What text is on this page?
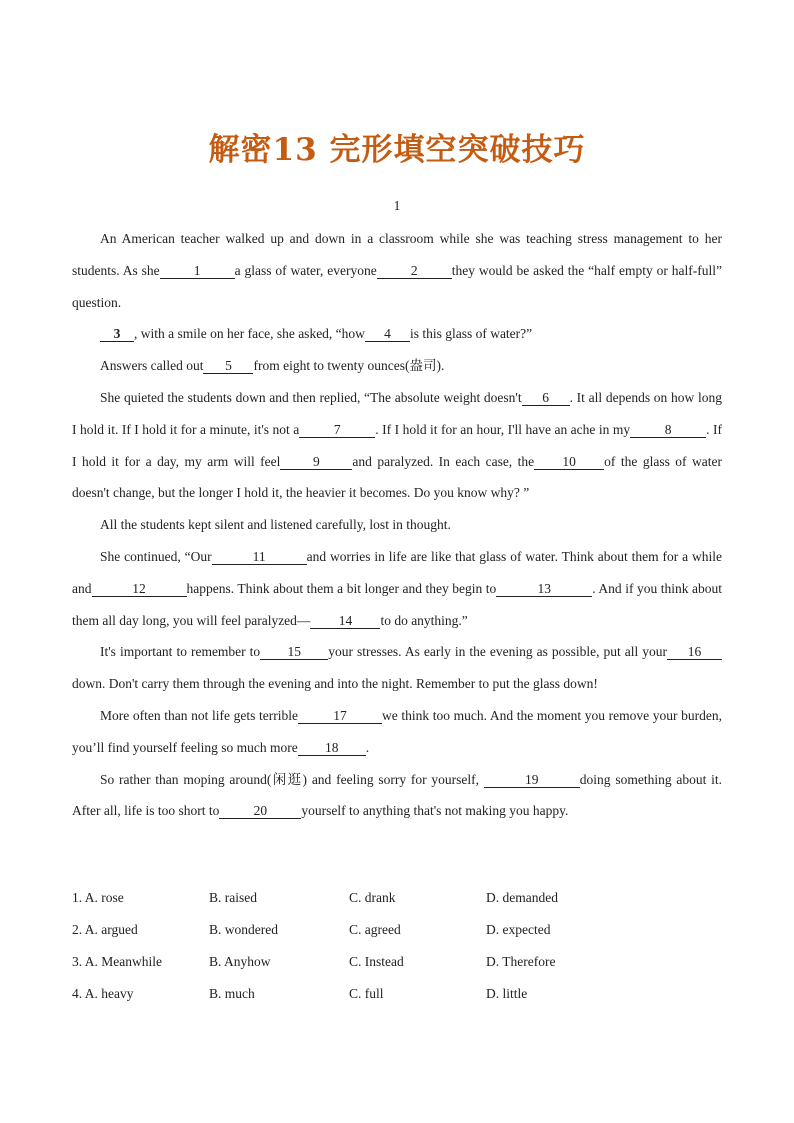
解密13 完形填空突破技巧
1

An American teacher walked up and down in a classroom while she was teaching stress management to her students. As she	1	a glass of water, everyone	2	they would be asked the “half empty or half-full” question.

3 , with a smile on her face, she asked, “how 4 is this glass of water?”

Answers called out 5 from eight to twenty ounces(盎司).

She quieted the students down and then replied, “The absolute weight doesn't 6 . It all depends on how long I hold it. If I hold it for a minute, it's not a	7	. If I hold it for an hour, I'll have an ache in my	8	. If I hold it for a day, my arm will feel 9 and paralyzed. In each case, the 10 of the glass of water doesn't change, but the longer I hold it, the heavier it becomes. Do you know why? ”

All the students kept silent and listened carefully, lost in thought.

She continued, “Our	11	and worries in life are like that glass of water. Think about them for a while and	12	happens. Think about them a bit longer and they begin to	13	. And if you think about them all day long, you will feel paralyzed— 14 to do anything.”

It's important to remember to 15 your stresses. As early in the evening as possible, put all your 16down. Don't carry them through the evening and into the night. Remember to put the glass down!

More often than not life gets terrible	17	we think too much. And the moment you remove your burden, you’ll find yourself feeling so much more 18 .

So rather than moping around(闲逛) and feeling sorry for yourself,	19	doing something about it. After all, life is too short to	20	yourself to anything that's not making you happy.

1. A. rose	B. raised	C. drank	D. demanded
2. A. argued	B. wondered	C. agreed	D. expected
3. A. Meanwhile	B. Anyhow	C. Instead	D. Therefore
4. A. heavy	B. much	C. full	D. little
